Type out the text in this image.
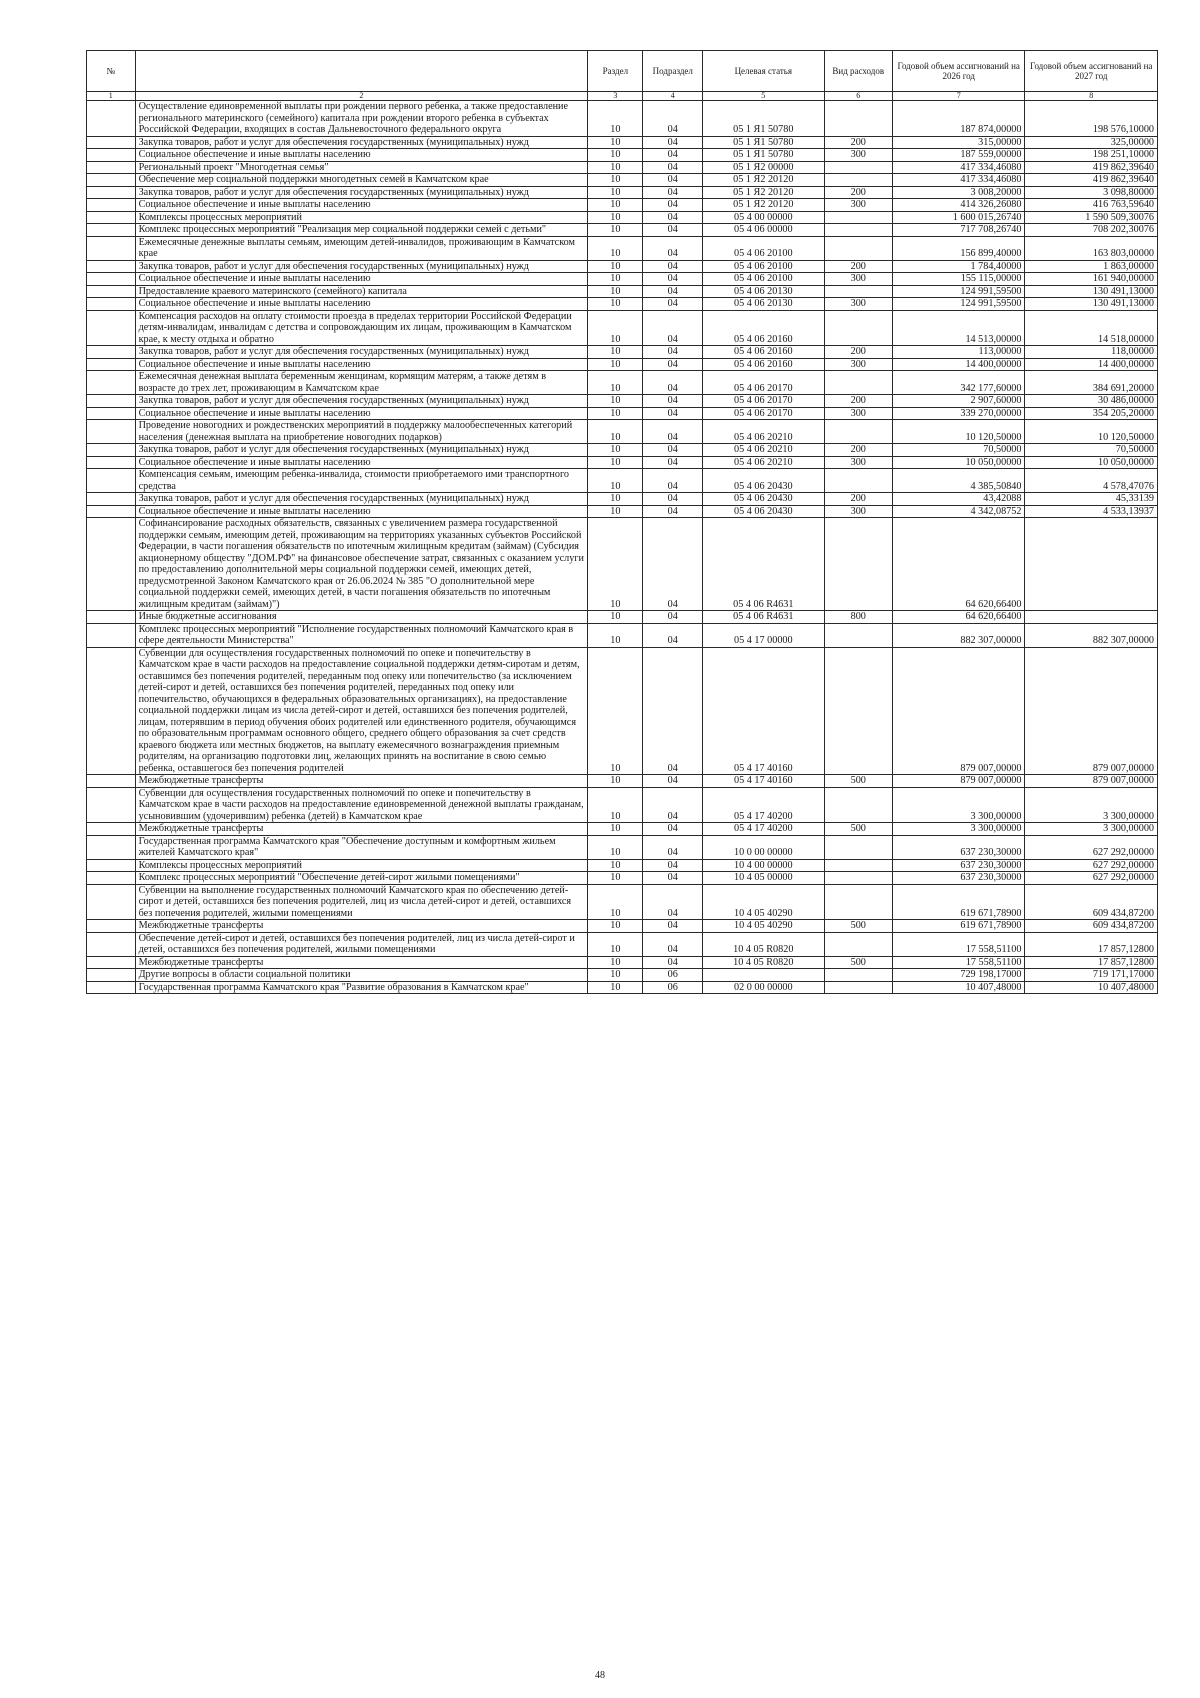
№		Раздел	Подраздел	Целевая статья	Вид расходов	Годовой объем ассигнований на 2026 год	Годовой объем ассигнований на 2027 год
1	2	3	4	5	6	7	8
	Осуществление единовременной выплаты при рождении первого ребенка, а также предоставление регионального материнского (семейного) капитала при рождении второго ребенка в субъектах Российской Федерации, входящих в состав Дальневосточного федерального округа	10	04	05 1 Я1 50780		187 874,00000	198 576,10000
	Закупка товаров, работ и услуг для обеспечения государственных (муниципальных) нужд	10	04	05 1 Я1 50780	200	315,00000	325,00000
	Социальное обеспечение и иные выплаты населению	10	04	05 1 Я1 50780	300	187 559,00000	198 251,10000
	Региональный проект "Многодетная семья"	10	04	05 1 Я2 00000		417 334,46080	419 862,39640
	Обеспечение мер социальной поддержки многодетных семей в Камчатском крае	10	04	05 1 Я2 20120		417 334,46080	419 862,39640
	Закупка товаров, работ и услуг для обеспечения государственных (муниципальных) нужд	10	04	05 1 Я2 20120	200	3 008,20000	3 098,80000
	Социальное обеспечение и иные выплаты населению	10	04	05 1 Я2 20120	300	414 326,26080	416 763,59640
	Комплексы процессных мероприятий	10	04	05 4 00 00000		1 600 015,26740	1 590 509,30076
	Комплекс процессных мероприятий "Реализация мер социальной поддержки семей с детьми"	10	04	05 4 06 00000		717 708,26740	708 202,30076
	Ежемесячные денежные выплаты семьям, имеющим детей-инвалидов, проживающим в Камчатском крае	10	04	05 4 06 20100		156 899,40000	163 803,00000
	Закупка товаров, работ и услуг для обеспечения государственных (муниципальных) нужд	10	04	05 4 06 20100	200	1 784,40000	1 863,00000
	Социальное обеспечение и иные выплаты населению	10	04	05 4 06 20100	300	155 115,00000	161 940,00000
	Предоставление краевого материнского (семейного) капитала	10	04	05 4 06 20130		124 991,59500	130 491,13000
	Социальное обеспечение и иные выплаты населению	10	04	05 4 06 20130	300	124 991,59500	130 491,13000
	Компенсация расходов на оплату стоимости проезда в пределах территории Российской Федерации детям-инвалидам, инвалидам с детства и сопровождающим их лицам, проживающим в Камчатском крае, к месту отдыха и обратно	10	04	05 4 06 20160		14 513,00000	14 518,00000
	Закупка товаров, работ и услуг для обеспечения государственных (муниципальных) нужд	10	04	05 4 06 20160	200	113,00000	118,00000
	Социальное обеспечение и иные выплаты населению	10	04	05 4 06 20160	300	14 400,00000	14 400,00000
	Ежемесячная денежная выплата беременным женщинам, кормящим матерям, а также детям в возрасте до трех лет, проживающим в Камчатском крае	10	04	05 4 06 20170		342 177,60000	384 691,20000
	Закупка товаров, работ и услуг для обеспечения государственных (муниципальных) нужд	10	04	05 4 06 20170	200	2 907,60000	30 486,00000
	Социальное обеспечение и иные выплаты населению	10	04	05 4 06 20170	300	339 270,00000	354 205,20000
	Проведение новогодних и рождественских мероприятий в поддержку малообеспеченных категорий населения (денежная выплата на приобретение новогодних подарков)	10	04	05 4 06 20210		10 120,50000	10 120,50000
	Закупка товаров, работ и услуг для обеспечения государственных (муниципальных) нужд	10	04	05 4 06 20210	200	70,50000	70,50000
	Социальное обеспечение и иные выплаты населению	10	04	05 4 06 20210	300	10 050,00000	10 050,00000
	Компенсация семьям, имеющим ребенка-инвалида, стоимости приобретаемого ими транспортного средства	10	04	05 4 06 20430		4 385,50840	4 578,47076
	Закупка товаров, работ и услуг для обеспечения государственных (муниципальных) нужд	10	04	05 4 06 20430	200	43,42088	45,33139
	Социальное обеспечение и иные выплаты населению	10	04	05 4 06 20430	300	4 342,08752	4 533,13937
	Софинансирование расходных обязательств, связанных с увеличением размера государственной поддержки семьям, имеющим детей, проживающим на территориях указанных субъектов Российской Федерации, в части погашения обязательств по ипотечным жилищным кредитам (займам) (Субсидия акционерному обществу "ДОМ.РФ" на финансовое обеспечение затрат, связанных с оказанием услуги по предоставлению дополнительной меры социальной поддержки семей, имеющих детей, предусмотренной Законом Камчатского края от 26.06.2024 № 385 "О дополнительной мере социальной поддержки семей, имеющих детей, в части погашения обязательств по ипотечным жилищным кредитам (займам)")	10	04	05 4 06 R4631		64 620,66400	
	Иные бюджетные ассигнования	10	04	05 4 06 R4631	800	64 620,66400	
	Комплекс процессных мероприятий "Исполнение государственных полномочий Камчатского края в сфере деятельности Министерства"	10	04	05 4 17 00000		882 307,00000	882 307,00000
	Субвенции для осуществления государственных полномочий по опеке и попечительству в Камчатском крае в части расходов на предоставление социальной поддержки детям-сиротам и детям, оставшимся без попечения родителей, переданным под опеку или попечительство (за исключением детей-сирот и детей, оставшихся без попечения родителей, переданных под опеку или попечительство, обучающихся в федеральных образовательных организациях), на предоставление социальной поддержки лицам из числа детей-сирот и детей, оставшихся без попечения родителей, лицам, потерявшим в период обучения обоих родителей или единственного родителя, обучающимся по образовательным программам основного общего, среднего общего образования за счет средств краевого бюджета или местных бюджетов, на выплату ежемесячного вознаграждения приемным родителям, на организацию подготовки лиц, желающих принять на воспитание в свою семью ребенка, оставшегося без попечения родителей	10	04	05 4 17 40160		879 007,00000	879 007,00000
	Межбюджетные трансферты	10	04	05 4 17 40160	500	879 007,00000	879 007,00000
	Субвенции для осуществления государственных полномочий по опеке и попечительству в Камчатском крае в части расходов на предоставление единовременной денежной выплаты гражданам, усыновившим (удочерившим) ребенка (детей) в Камчатском крае	10	04	05 4 17 40200		3 300,00000	3 300,00000
	Межбюджетные трансферты	10	04	05 4 17 40200	500	3 300,00000	3 300,00000
	Государственная программа Камчатского края "Обеспечение доступным и комфортным жильем жителей Камчатского края"	10	04	10 0 00 00000		637 230,30000	627 292,00000
	Комплексы процессных мероприятий	10	04	10 4 00 00000		637 230,30000	627 292,00000
	Комплекс процессных мероприятий "Обеспечение детей-сирот жилыми помещениями"	10	04	10 4 05 00000		637 230,30000	627 292,00000
	Субвенции на выполнение государственных полномочий Камчатского края по обеспечению детей-сирот и детей, оставшихся без попечения родителей, лиц из числа детей-сирот и детей, оставшихся без попечения родителей, жилыми помещениями	10	04	10 4 05 40290		619 671,78900	609 434,87200
	Межбюджетные трансферты	10	04	10 4 05 40290	500	619 671,78900	609 434,87200
	Обеспечение детей-сирот и детей, оставшихся без попечения родителей, лиц из числа детей-сирот и детей, оставшихся без попечения родителей, жилыми помещениями	10	04	10 4 05 R0820		17 558,51100	17 857,12800
	Межбюджетные трансферты	10	04	10 4 05 R0820	500	17 558,51100	17 857,12800
	Другие вопросы в области социальной политики	10	06			729 198,17000	719 171,17000
	Государственная программа Камчатского края "Развитие образования в Камчатском крае"	10	06	02 0 00 00000		10 407,48000	10 407,48000
48
